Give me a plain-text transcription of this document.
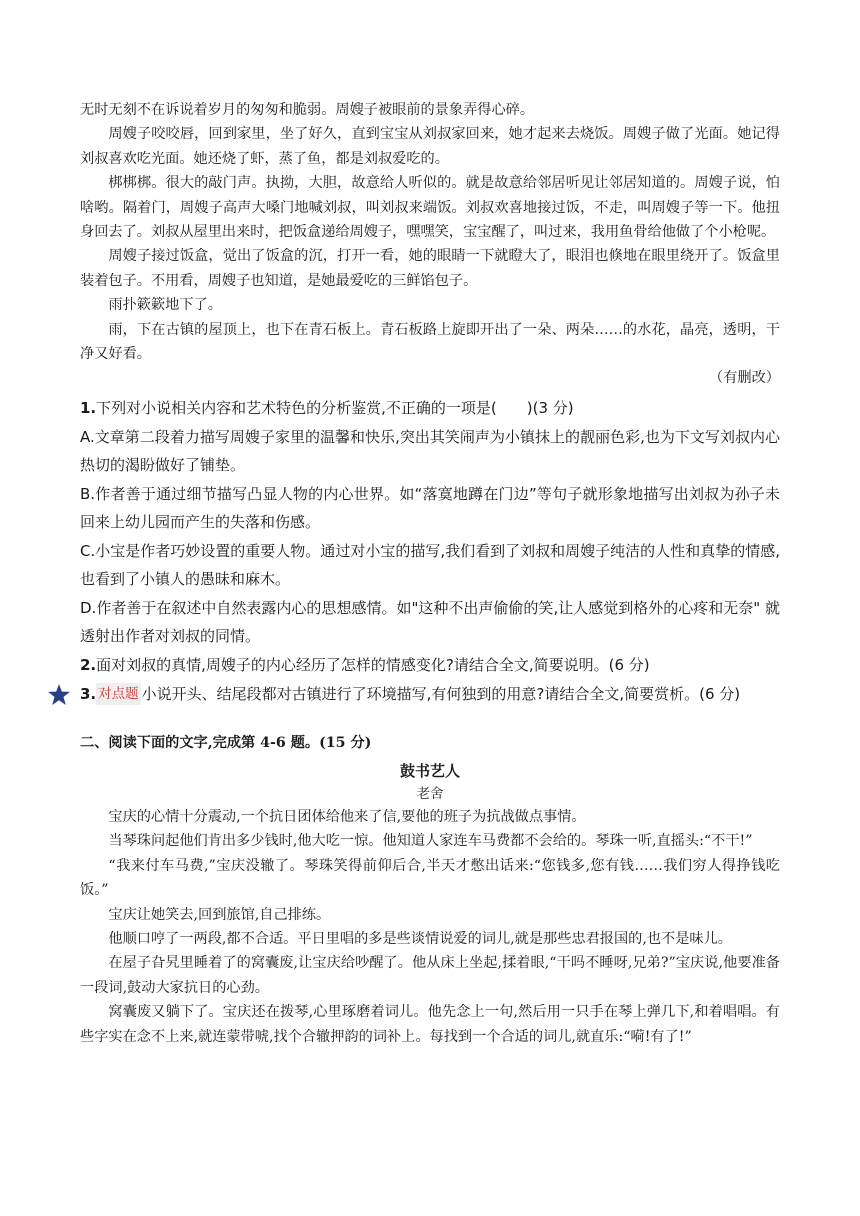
无时无刻不在诉说着岁月的匆匆和脆弱。周嫂子被眼前的景象弄得心碎。

周嫂子咬咬唇，回到家里，坐了好久，直到宝宝从刘叔家回来，她才起来去烧饭。周嫂子做了光面。她记得刘叔喜欢吃光面。她还烧了虾，蒸了鱼，都是刘叔爱吃的。

梆梆梆。很大的敲门声。执拗，大胆，故意给人听似的。就是故意给邻居听见让邻居知道的。周嫂子说，怕啥哟。隔着门，周嫂子高声大嗓门地喊刘叔，叫刘叔来端饭。刘叔欢喜地接过饭，不走，叫周嫂子等一下。他扭身回去了。刘叔从屋里出来时，把饭盒递给周嫂子，嘿嘿笑，宝宝醒了，叫过来，我用鱼骨给他做了个小枪呢。

周嫂子接过饭盒，觉出了饭盒的沉，打开一看，她的眼睛一下就瞪大了，眼泪也倏地在眼里绕开了。饭盒里装着包子。不用看，周嫂子也知道，是她最爱吃的三鲜馅包子。

雨扑簌簌地下了。

雨，下在古镇的屋顶上，也下在青石板上。青石板路上旋即开出了一朵、两朵……的水花，晶亮，透明，干净又好看。

（有删改）

1.下列对小说相关内容和艺术特色的分析鉴赏,不正确的一项是(　　)(3 分)
A.文章第二段着力描写周嫂子家里的温馨和快乐,突出其笑闹声为小镇抹上的靓丽色彩,也为下文写刘叔内心热切的渴盼做好了铺垫。
B.作者善于通过细节描写凸显人物的内心世界。如“落寞地蹲在门边”等句子就形象地描写出刘叔为孙子未回来上幼儿园而产生的失落和伤感。
C.小宝是作者巧妙设置的重要人物。通过对小宝的描写,我们看到了刘叔和周嫂子纯洁的人性和真挚的情感,也看到了小镇人的愚昧和麻木。
D.作者善于在叙述中自然表露内心的思想感情。如"这种不出声偷偷的笑,让人感觉到格外的心疼和无奈" 就透射出作者对刘叔的同情。
2.面对刘叔的真情,周嫂子的内心经历了怎样的情感变化?请结合全文,简要说明。(6 分)
3. 对点题 小说开头、结尾段都对古镇进行了环境描写,有何独到的用意?请结合全文,简要赏析。(6 分)

二、阅读下面的文字,完成第 4-6 题。(15 分)

鼓书艺人

老舍

宝庆的心情十分震动,一个抗日团体给他来了信,要他的班子为抗战做点事情。

当琴珠问起他们肯出多少钱时,他大吃一惊。他知道人家连车马费都不会给的。琴珠一听,直摇头:“不干!”

“我来付车马费,”宝庆没辙了。琴珠笑得前仰后合,半天才憋出话来:“您钱多,您有钱……我们穷人得挣钱吃饭。”

宝庆让她笑去,回到旅馆,自己排练。

他顺口哼了一两段,都不合适。平日里唱的多是些谈情说爱的词儿,就是那些忠君报国的,也不是味儿。

在屋子旮旯里睡着了的窝囊废,让宝庆给吵醒了。他从床上坐起,揉着眼,“干吗不睡呀,兄弟?”宝庆说,他要准备一段词,鼓动大家抗日的心劲。

窝囊废又躺下了。宝庆还在拨琴,心里琢磨着词儿。他先念上一句,然后用一只手在琴上弹几下,和着唱唱。有些字实在念不上来,就连蒙带唬,找个合辙押韵的词补上。每找到一个合适的词儿,就直乐:“嗬!有了!”
